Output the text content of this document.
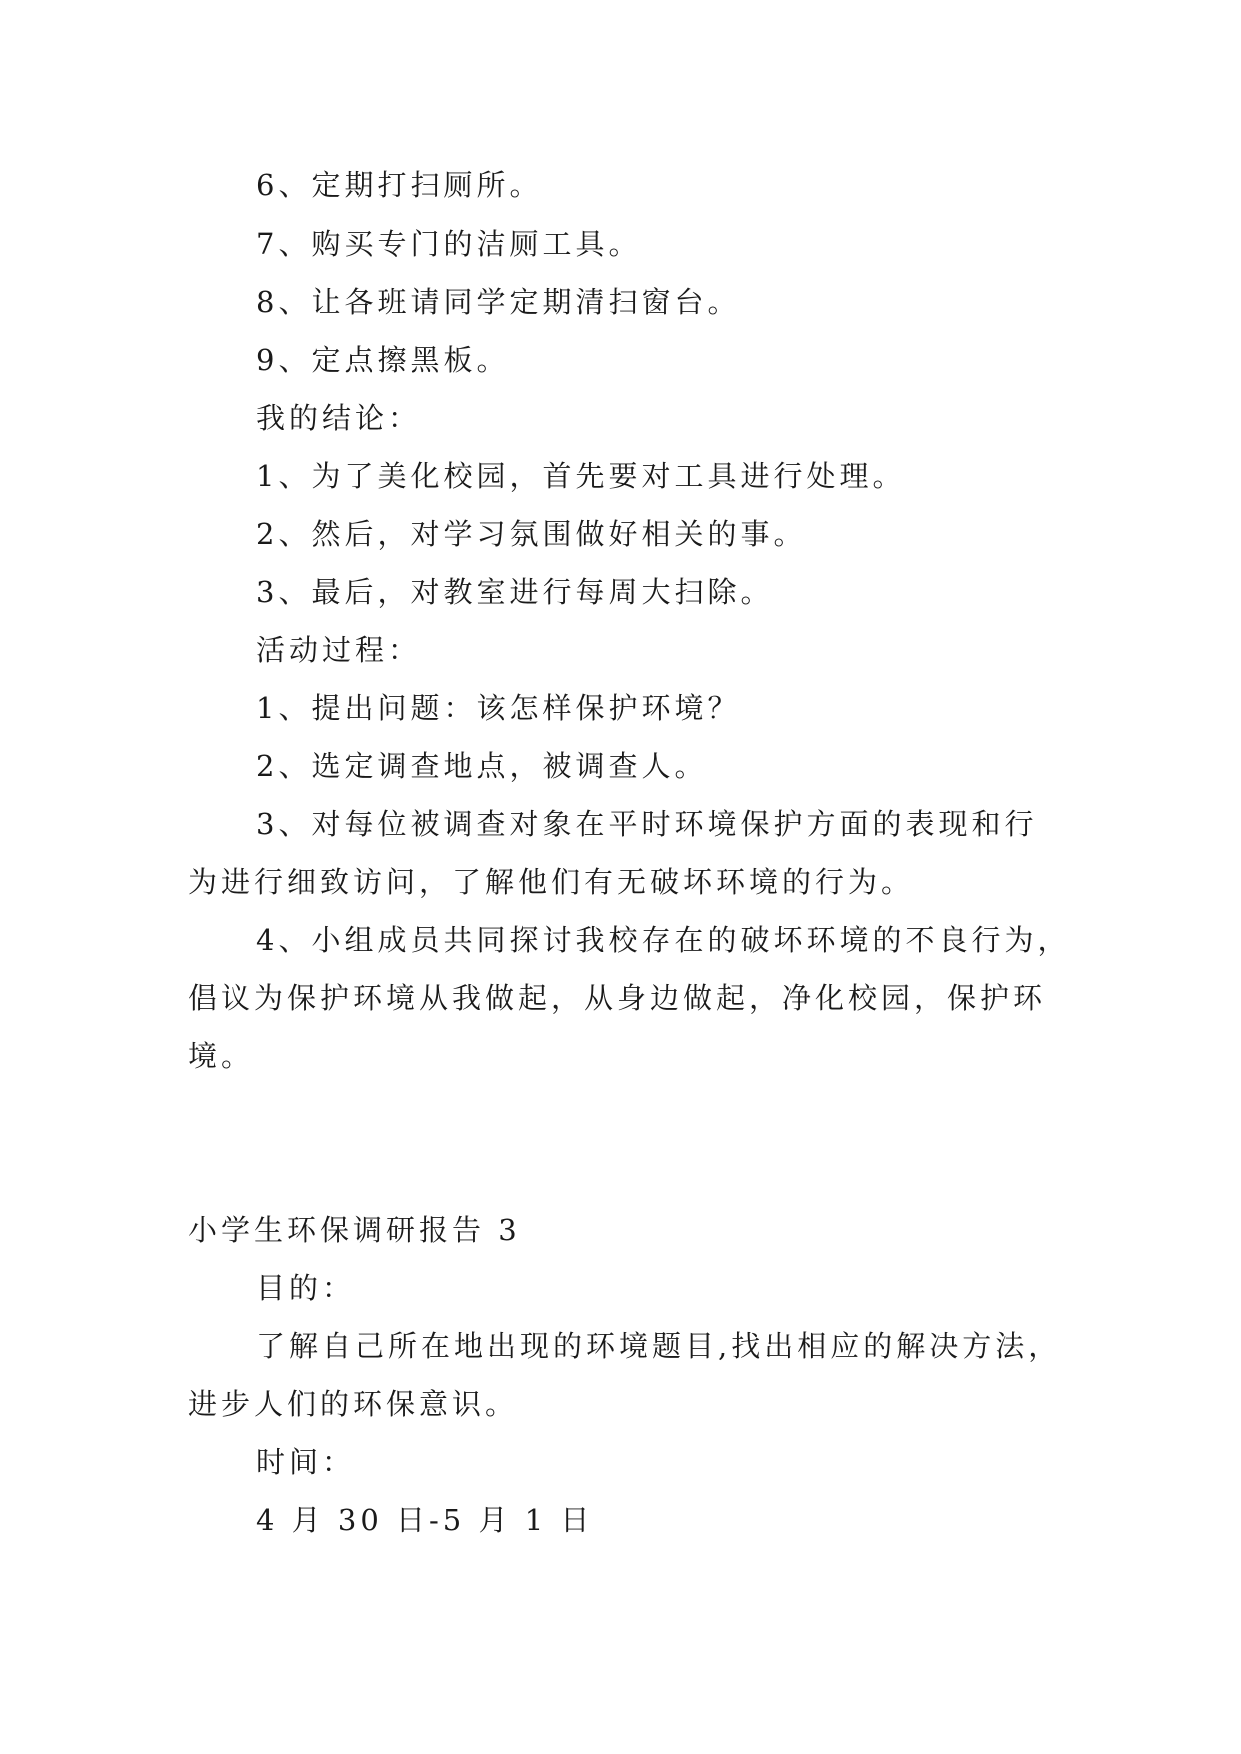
6、定期打扫厕所。
7、购买专门的洁厕工具。
8、让各班请同学定期清扫窗台。
9、定点擦黑板。
我的结论：
1、为了美化校园，首先要对工具进行处理。
2、然后，对学习氛围做好相关的事。
3、最后，对教室进行每周大扫除。
活动过程：
1、提出问题：该怎样保护环境？
2、选定调查地点，被调查人。
3、对每位被调查对象在平时环境保护方面的表现和行
为进行细致访问，了解他们有无破坏环境的行为。
4、小组成员共同探讨我校存在的破坏环境的不良行为，
倡议为保护环境从我做起，从身边做起，净化校园，保护环
境。
小学生环保调研报告 3
目的：
了解自己所在地出现的环境题目,找出相应的解决方法，
进步人们的环保意识。
时间：
4 月 30 日-5 月 1 日
